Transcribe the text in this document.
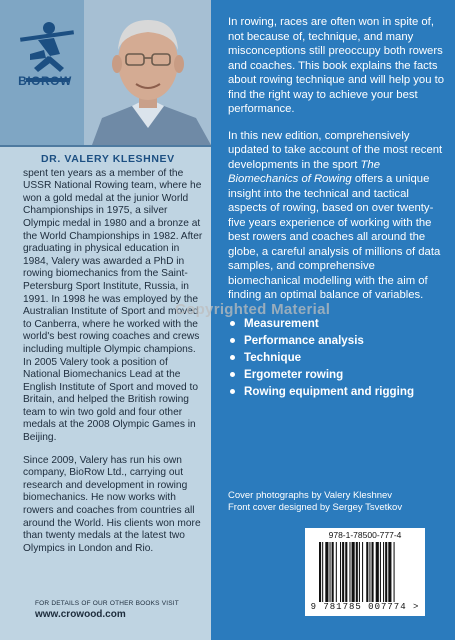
BIOROW
DR. VALERY KLESHNEV

spent ten years as a member of the USSR National Rowing team, where he won a gold medal at the junior World Championships in 1975, a silver Olympic medal in 1980 and a bronze at the World Championships in 1982. After graduating in physical education in 1984, Valery was awarded a PhD in rowing biomechanics from the Saint-Petersburg Sport Institute, Russia, in 1991. In 1998 he was employed by the Australian Institute of Sport and moved to Canberra, where he worked with the world's best rowing coaches and crews including multiple Olympic champions. In 2005 Valery took a position of National Biomechanics Lead at the English Institute of Sport and moved to Britain, and helped the British rowing team to win two gold and four other medals at the 2008 Olympic Games in Beijing.

Since 2009, Valery has run his own company, BioRow Ltd., carrying out research and development in rowing biomechanics. He now works with rowers and coaches from countries all around the World. His clients won more than twenty medals at the latest two Olympics in London and Rio.

FOR DETAILS OF OUR OTHER BOOKS VISIT
www.crowood.com

In rowing, races are often won in spite of, not because of, technique, and many misconceptions still preoccupy both rowers and coaches. This book explains the facts about rowing technique and will help you to find the right way to achieve your best performance.

In this new edition, comprehensively updated to take account of the most recent developments in the sport The Biomechanics of Rowing offers a unique insight into the technical and tactical aspects of rowing, based on over twenty-five years experience of working with the best rowers and coaches all around the globe, a careful analysis of millions of data samples, and comprehensive biomechanical modelling with the aim of finding an optimal balance of variables.

Measurement
Performance analysis
Technique
Ergometer rowing
Rowing equipment and rigging
Cover photographs by Valery Kleshnev
Front cover designed by Sergey Tsvetkov
978-1-78500-777-4
9 781785 007774 >
Copyrighted Material
